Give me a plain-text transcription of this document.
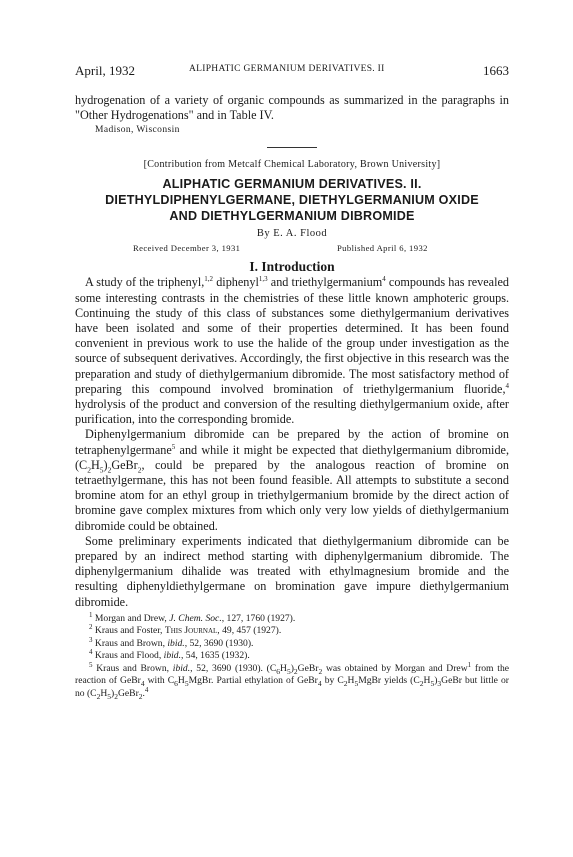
April, 1932	ALIPHATIC GERMANIUM DERIVATIVES. II	1663

hydrogenation of a variety of organic compounds as summarized in the paragraphs in "Other Hydrogenations" and in Table IV.

Madison, Wisconsin
[Contribution from Metcalf Chemical Laboratory, Brown University]
ALIPHATIC GERMANIUM DERIVATIVES. II.
DIETHYLDIPHENYLGERMANE, DIETHYLGERMANIUM OXIDE
AND DIETHYLGERMANIUM DIBROMIDE
By E. A. Flood
Received December 3, 1931	Published April 6, 1932
I. Introduction

A study of the triphenyl,$^{1,2}$ diphenyl$^{1,3}$ and triethylgermanium$^4$ compounds has revealed some interesting contrasts in the chemistries of these little known amphoteric groups. Continuing the study of this class of substances some diethylgermanium derivatives have been isolated and some of their properties determined. It has been found convenient in previous work to use the halide of the group under investigation as the source of subsequent derivatives. Accordingly, the first objective in this research was the preparation and study of diethylgermanium dibromide. The most satisfactory method of preparing this compound involved bromination of triethylgermanium fluoride,$^4$ hydrolysis of the product and conversion of the resulting diethylgermanium oxide, after purification, into the corresponding bromide.

Diphenylgermanium dibromide can be prepared by the action of bromine on tetraphenylgermane$^5$ and while it might be expected that diethylgermanium dibromide, $(C_2H_5)_2GeBr_2$, could be prepared by the analogous reaction of bromine on tetraethylgermane, this has not been found feasible. All attempts to substitute a second bromine atom for an ethyl group in triethylgermanium bromide by the direct action of bromine gave complex mixtures from which only very low yields of diethylgermanium dibromide could be obtained.

Some preliminary experiments indicated that diethylgermanium dibromide can be prepared by an indirect method starting with diphenylgermanium dibromide. The diphenylgermanium dihalide was treated with ethylmagnesium bromide and the resulting diphenyldiethylgermane on bromination gave impure diethylgermanium dibromide.

$^1$ Morgan and Drew, J. Chem. Soc., 127, 1760 (1927).
$^2$ Kraus and Foster, This Journal, 49, 457 (1927).
$^3$ Kraus and Brown, ibid., 52, 3690 (1930).
$^4$ Kraus and Flood, ibid., 54, 1635 (1932).
$^5$ Kraus and Brown, ibid., 52, 3690 (1930). $(C_6H_5)_2GeBr_2$ was obtained by Morgan and Drew$^1$ from the reaction of GeBr$_4$ with $C_6H_5MgBr$. Partial ethylation of GeBr$_4$ by $C_2H_5MgBr$ yields $(C_2H_5)_3GeBr$ but little or no $(C_2H_5)_2GeBr_2.^4$
